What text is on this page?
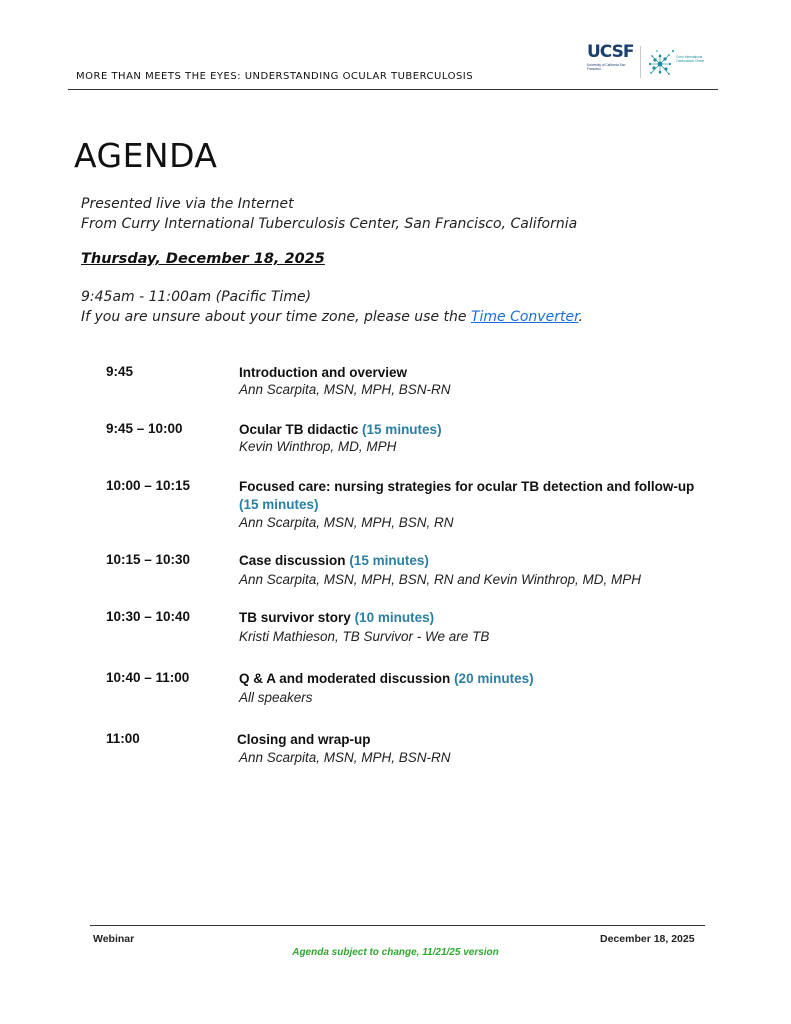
MORE THAN MEETS THE EYES: UNDERSTANDING OCULAR TUBERCULOSIS
UCSF
University of California San Francisco
Curry International Tuberculosis Center
AGENDA
Presented live via the Internet
From Curry International Tuberculosis Center, San Francisco, California
Thursday, December 18, 2025
9:45am - 11:00am (Pacific Time)
If you are unsure about your time zone, please use the Time Converter.
9:45	Introduction and overview
Ann Scarpita, MSN, MPH, BSN-RN
9:45 – 10:00	Ocular TB didactic (15 minutes)
Kevin Winthrop, MD, MPH
10:00 – 10:15	Focused care: nursing strategies for ocular TB detection and follow-up (15 minutes)
Ann Scarpita, MSN, MPH, BSN, RN
10:15 – 10:30	Case discussion (15 minutes)
Ann Scarpita, MSN, MPH, BSN, RN and Kevin Winthrop, MD, MPH
10:30 – 10:40	TB survivor story (10 minutes)
Kristi Mathieson, TB Survivor - We are TB
10:40 – 11:00	Q & A and moderated discussion (20 minutes)
All speakers
11:00	Closing and wrap-up
Ann Scarpita, MSN, MPH, BSN-RN
Webinar	December 18, 2025
Agenda subject to change, 11/21/25 version
